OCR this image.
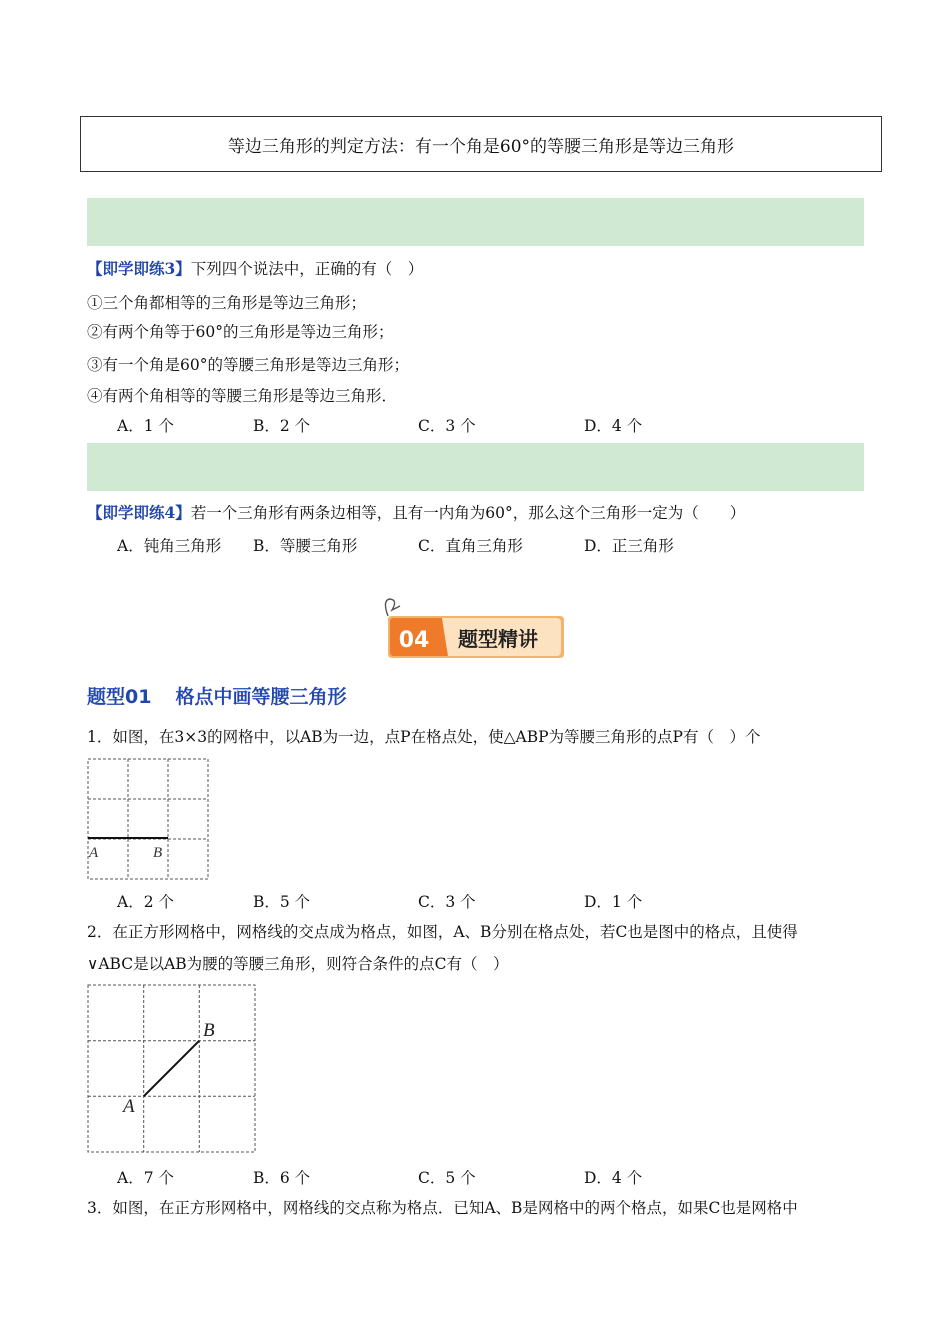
等边三角形的判定方法：有一个角是60°的等腰三角形是等边三角形
【即学即练3】下列四个说法中，正确的有（　）
①三个角都相等的三角形是等边三角形；
②有两个角等于60°的三角形是等边三角形；
③有一个角是60°的等腰三角形是等边三角形；
④有两个角相等的等腰三角形是等边三角形．
A．1 个	B．2 个	C．3 个	D．4 个
【即学即练4】若一个三角形有两条边相等，且有一内角为60°，那么这个三角形一定为（　　）
A．钝角三角形 B．等腰三角形	C．直角三角形	D．正三角形
04 题型精讲
题型01 格点中画等腰三角形
1．如图，在3×3的网格中，以AB为一边，点P在格点处，使△ABP为等腰三角形的点P有（　）个
A	B
A．2 个	B．5 个	C．3 个	D．1 个
2．在正方形网格中，网格线的交点成为格点，如图，A、B分别在格点处，若C也是图中的格点，且使得
∨ABC是以AB为腰的等腰三角形，则符合条件的点C有（　）
A
B
A．7 个	B．6 个	C．5 个	D．4 个
3．如图，在正方形网格中，网格线的交点称为格点．已知A、B是网格中的两个格点，如果C也是网格中
